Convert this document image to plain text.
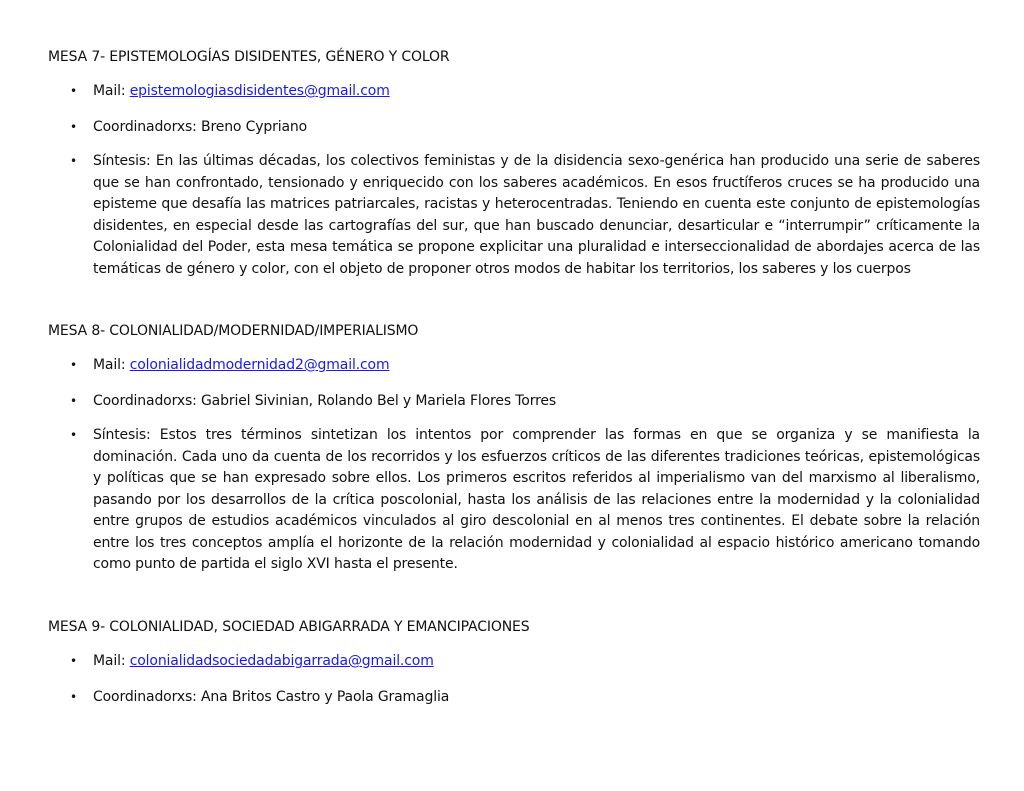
MESA 7- EPISTEMOLOGÍAS DISIDENTES, GÉNERO Y COLOR
• Mail: epistemologiasdisidentes@gmail.com
• Coordinadorxs: Breno Cypriano
• Síntesis: En las últimas décadas, los colectivos feministas y de la disidencia sexo-genérica han producido una serie de saberes que se han confrontado, tensionado y enriquecido con los saberes académicos. En esos fructíferos cruces se ha producido una episteme que desafía las matrices patriarcales, racistas y heterocentradas. Teniendo en cuenta este conjunto de epistemologías disidentes, en especial desde las cartografías del sur, que han buscado denunciar, desarticular e “interrumpir” críticamente la Colonialidad del Poder, esta mesa temática se propone explicitar una pluralidad e interseccionalidad de abordajes acerca de las temáticas de género y color, con el objeto de proponer otros modos de habitar los territorios, los saberes y los cuerpos
MESA 8- COLONIALIDAD/MODERNIDAD/IMPERIALISMO
• Mail: colonialidadmodernidad2@gmail.com
• Coordinadorxs: Gabriel Sivinian, Rolando Bel y Mariela Flores Torres
• Síntesis: Estos tres términos sintetizan los intentos por comprender las formas en que se organiza y se manifiesta la dominación. Cada uno da cuenta de los recorridos y los esfuerzos críticos de las diferentes tradiciones teóricas, epistemológicas y políticas que se han expresado sobre ellos. Los primeros escritos referidos al imperialismo van del marxismo al liberalismo, pasando por los desarrollos de la crítica poscolonial, hasta los análisis de las relaciones entre la modernidad y la colonialidad entre grupos de estudios académicos vinculados al giro descolonial en al menos tres continentes. El debate sobre la relación entre los tres conceptos amplía el horizonte de la relación modernidad y colonialidad al espacio histórico americano tomando como punto de partida el siglo XVI hasta el presente.
MESA 9- COLONIALIDAD, SOCIEDAD ABIGARRADA Y EMANCIPACIONES
• Mail: colonialidadsociedadabigarrada@gmail.com
• Coordinadorxs: Ana Britos Castro y Paola Gramaglia
